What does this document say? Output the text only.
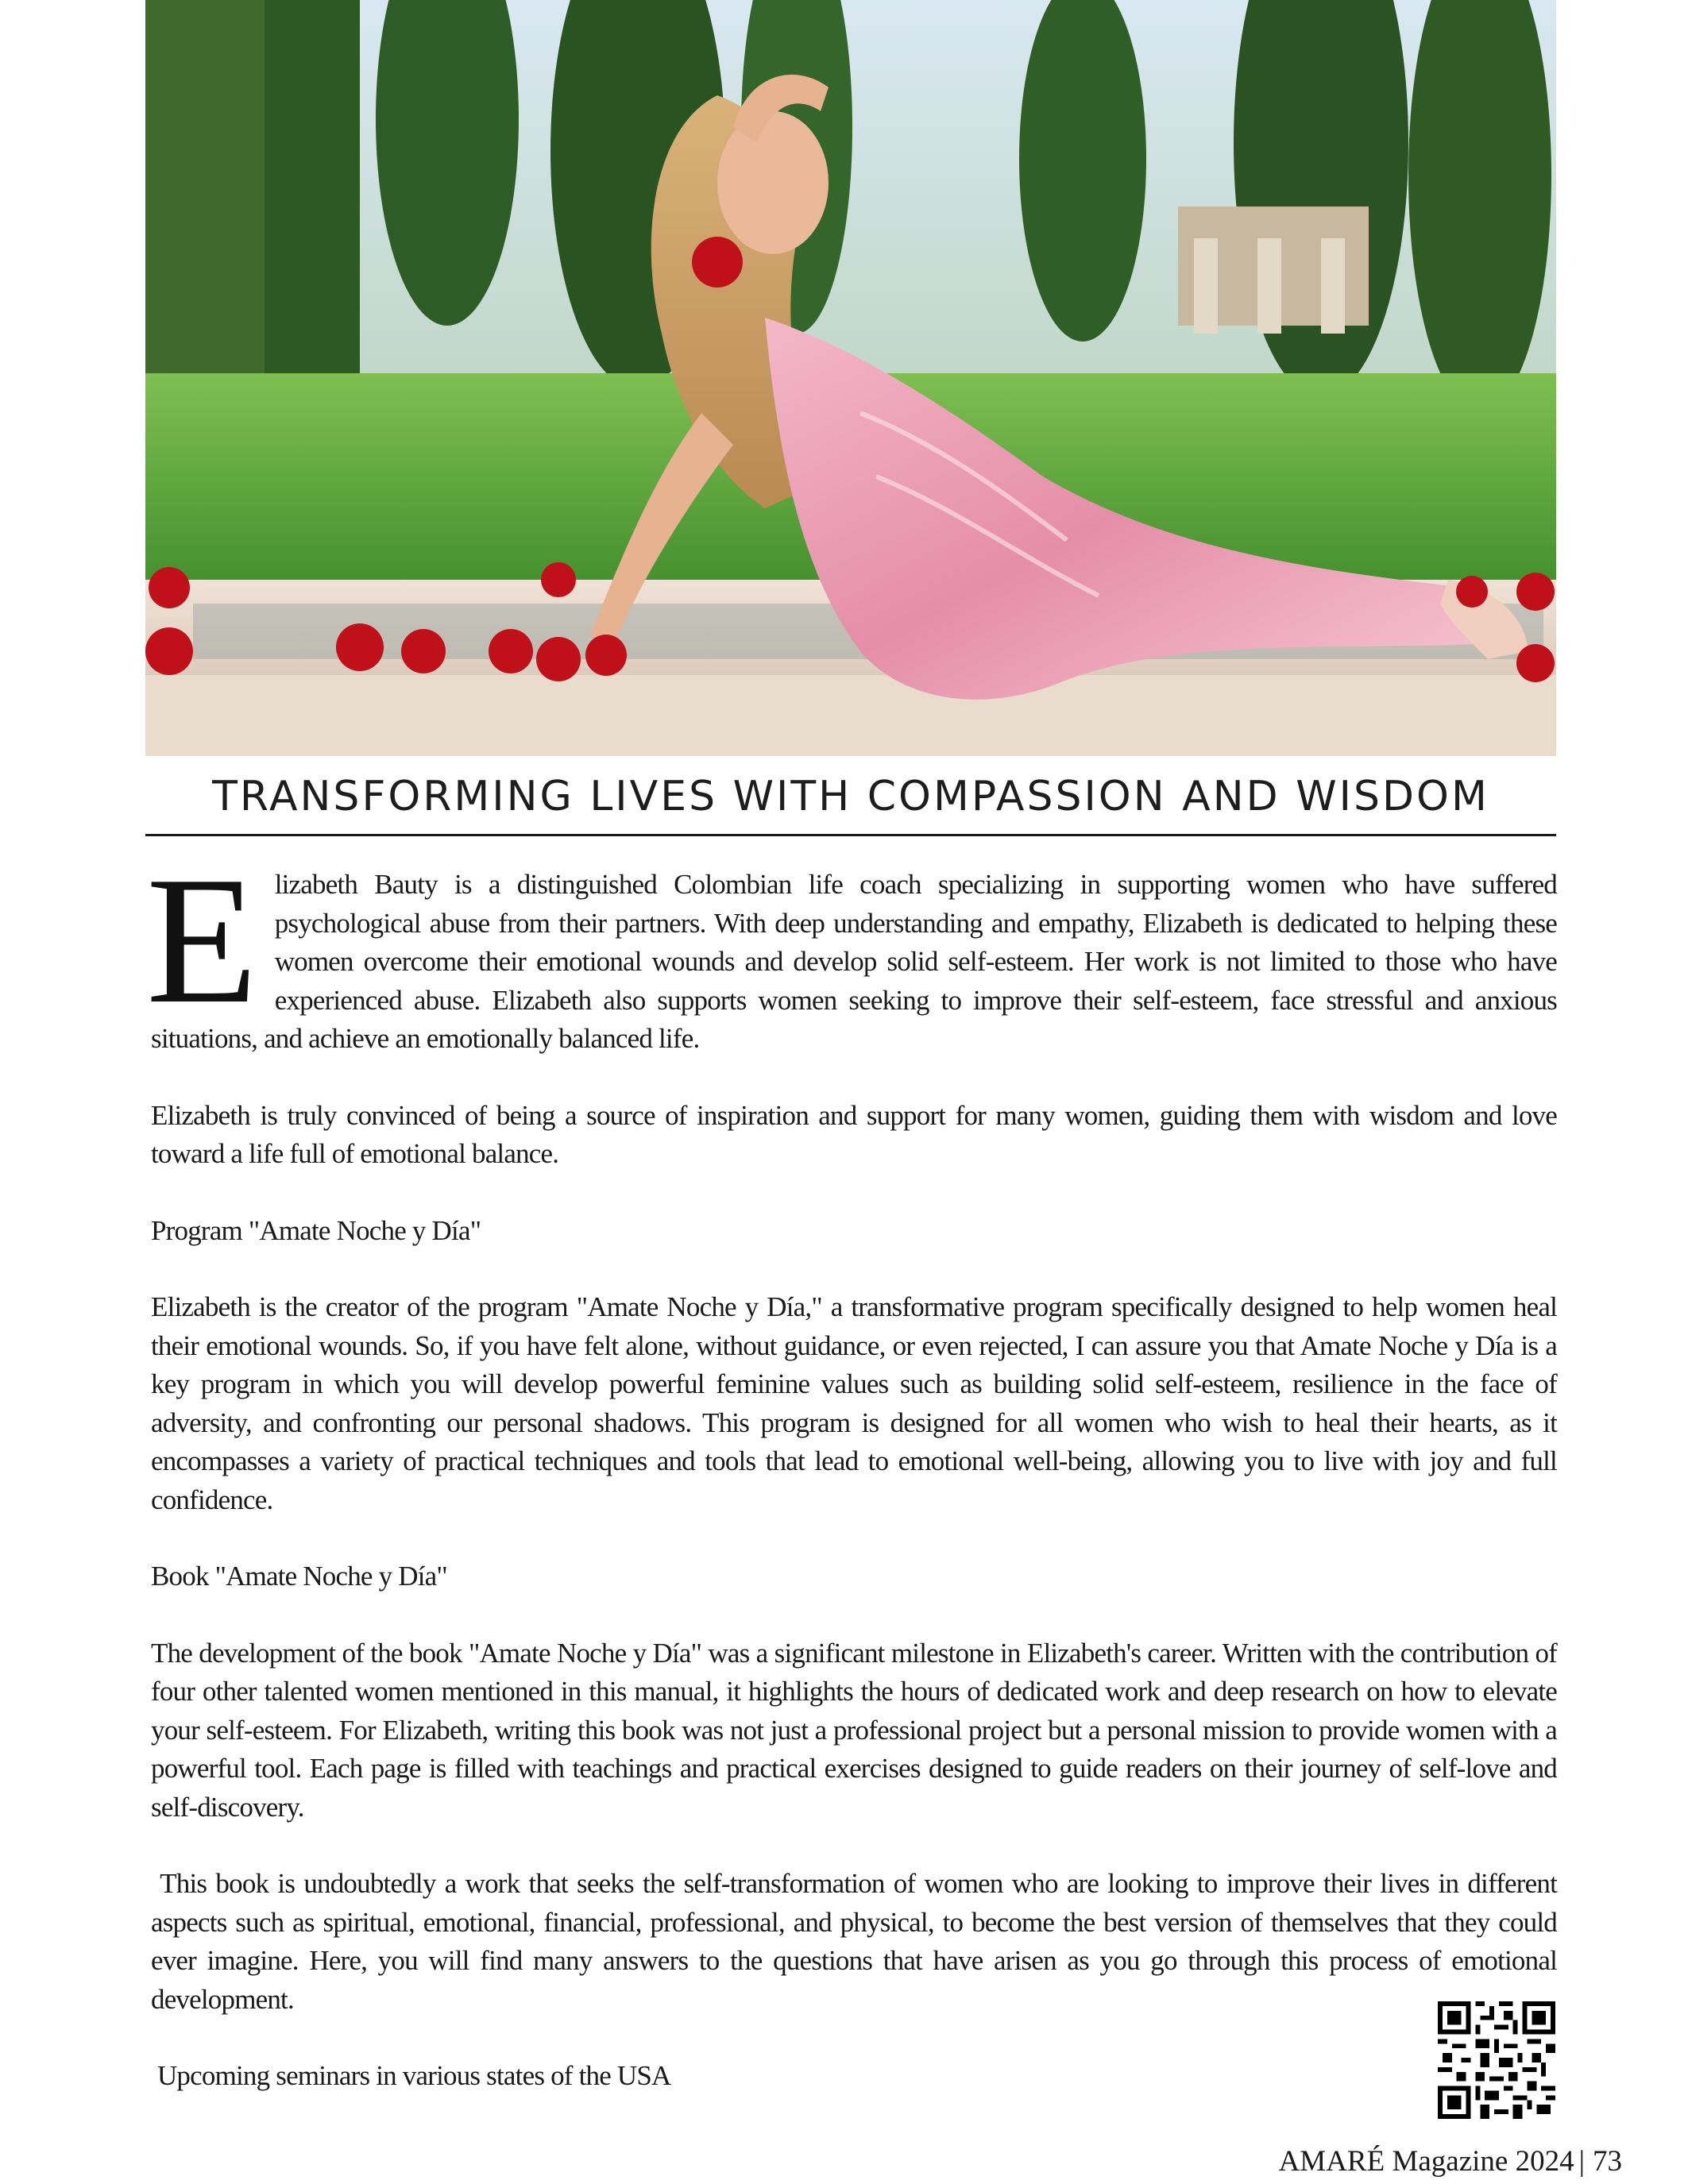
TRANSFORMING LIVES WITH COMPASSION AND WISDOM

E lizabeth Bauty is a distinguished Colombian life coach specializing in supporting women who have suffered psychological abuse from their partners. With deep understanding and empathy, Elizabeth is dedicated to helping these women overcome their emotional wounds and develop solid self-esteem. Her work is not limited to those who have experienced abuse. Elizabeth also supports women seeking to improve their self-esteem, face stressful and anxious situations, and achieve an emotionally balanced life.

Elizabeth is truly convinced of being a source of inspiration and support for many women, guiding them with wisdom and love toward a life full of emotional balance.

Program "Amate Noche y Día"

Elizabeth is the creator of the program "Amate Noche y Día," a transformative program specifically designed to help women heal their emotional wounds. So, if you have felt alone, without guidance, or even rejected, I can assure you that Amate Noche y Día is a key program in which you will develop powerful feminine values such as building solid self-esteem, resilience in the face of adversity, and confronting our personal shadows. This program is designed for all women who wish to heal their hearts, as it encompasses a variety of practical techniques and tools that lead to emotional well-being, allowing you to live with joy and full confidence.

Book "Amate Noche y Día"

The development of the book "Amate Noche y Día" was a significant milestone in Elizabeth's career. Written with the contribution of four other talented women mentioned in this manual, it highlights the hours of dedicated work and deep research on how to elevate your self-esteem. For Elizabeth, writing this book was not just a professional project but a personal mission to provide women with a powerful tool. Each page is filled with teachings and practical exercises designed to guide readers on their journey of self-love and self-discovery.

This book is undoubtedly a work that seeks the self-transformation of women who are looking to improve their lives in different aspects such as spiritual, emotional, financial, professional, and physical, to become the best version of themselves that they could ever imagine. Here, you will find many answers to the questions that have arisen as you go through this process of emotional development.

Upcoming seminars in various states of the USA

AMARÉ Magazine 2024 | 73
